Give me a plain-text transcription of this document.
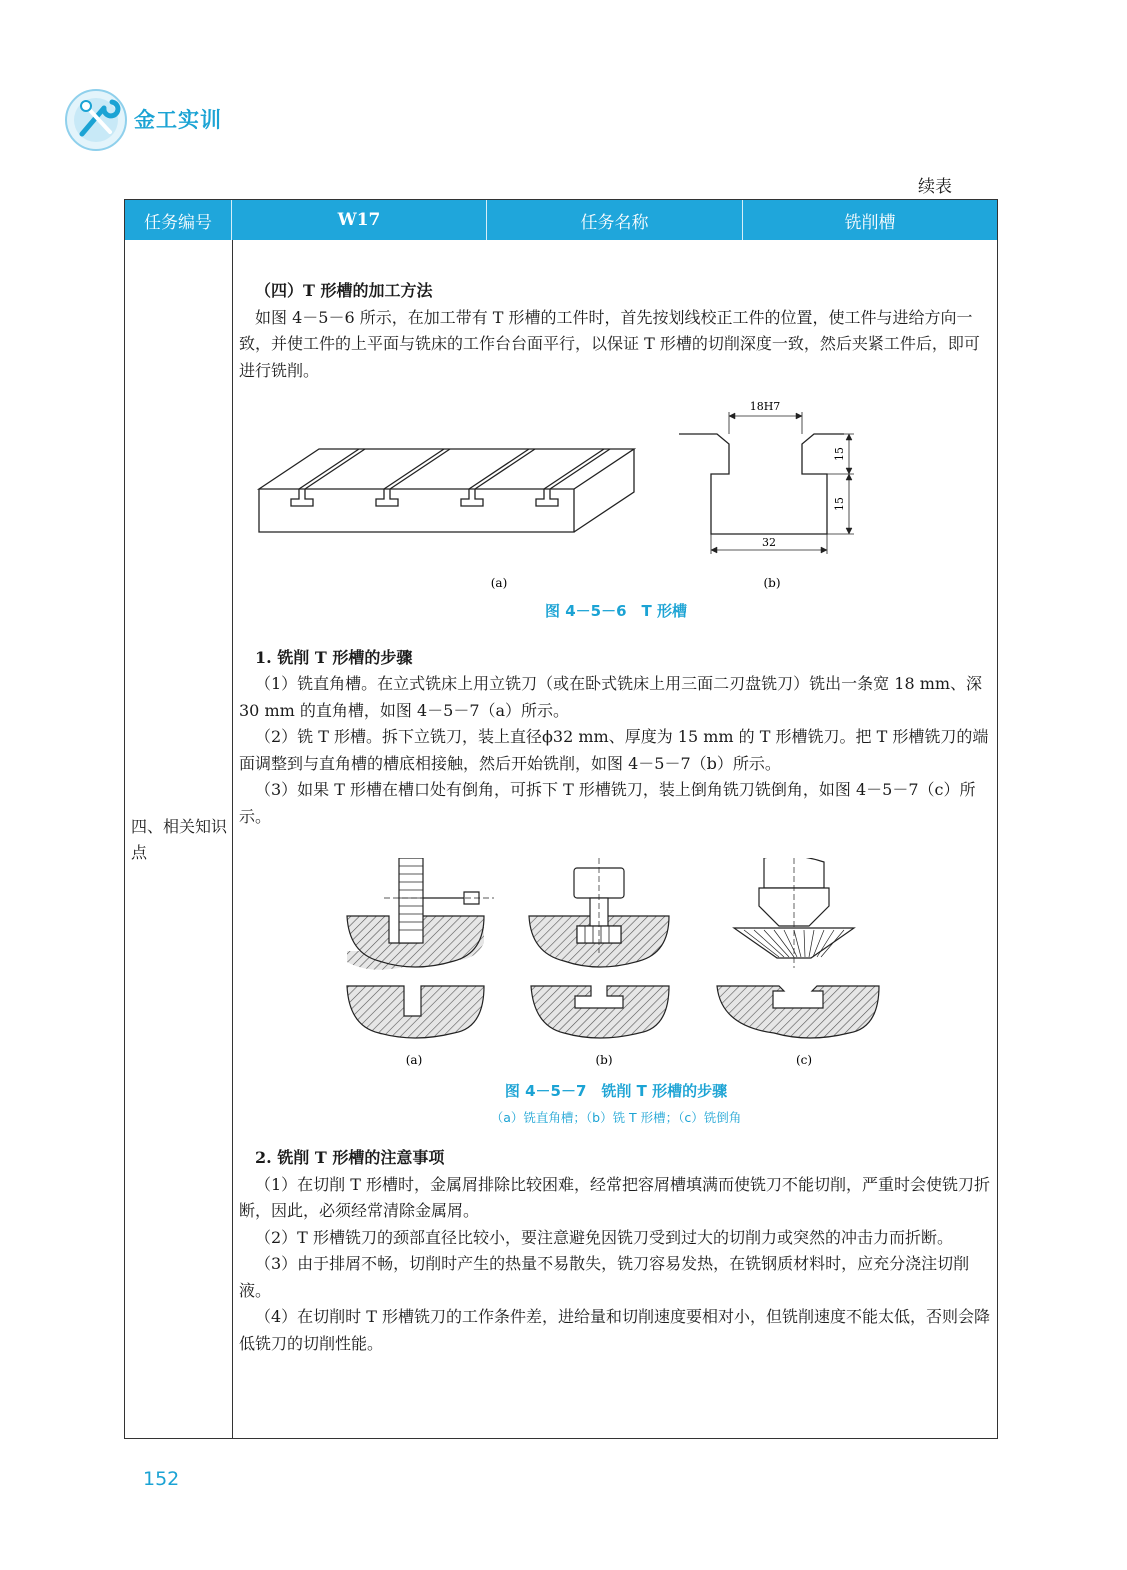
金工实训
续表
任务编号	W17	任务名称	铣削槽
四、相关知识点

（四）T 形槽的加工方法

如图 4－5－6 所示，在加工带有 T 形槽的工件时，首先按划线校正工件的位置，使工件与进给方向一致，并使工件的上平面与铣床的工作台台面平行，以保证 T 形槽的切削深度一致，然后夹紧工件后，即可进行铣削。

(a)
18H7
15
15
32
(b)
图 4－5－6　T 形槽

1. 铣削 T 形槽的步骤

（1）铣直角槽。在立式铣床上用立铣刀（或在卧式铣床上用三面二刃盘铣刀）铣出一条宽 18 mm、深 30 mm 的直角槽，如图 4－5－7（a）所示。

（2）铣 T 形槽。拆下立铣刀，装上直径ϕ32 mm、厚度为 15 mm 的 T 形槽铣刀。把 T 形槽铣刀的端面调整到与直角槽的槽底相接触，然后开始铣削，如图 4－5－7（b）所示。

（3）如果 T 形槽在槽口处有倒角，可拆下 T 形槽铣刀，装上倒角铣刀铣倒角，如图 4－5－7（c）所示。

(a)	(b)	(c)
图 4－5－7　铣削 T 形槽的步骤
（a）铣直角槽；（b）铣 T 形槽；（c）铣倒角

2. 铣削 T 形槽的注意事项

（1）在切削 T 形槽时，金属屑排除比较困难，经常把容屑槽填满而使铣刀不能切削，严重时会使铣刀折断，因此，必须经常清除金属屑。

（2）T 形槽铣刀的颈部直径比较小，要注意避免因铣刀受到过大的切削力或突然的冲击力而折断。

（3）由于排屑不畅，切削时产生的热量不易散失，铣刀容易发热，在铣钢质材料时，应充分浇注切削液。

（4）在切削时 T 形槽铣刀的工作条件差，进给量和切削速度要相对小，但铣削速度不能太低，否则会降低铣刀的切削性能。

152
